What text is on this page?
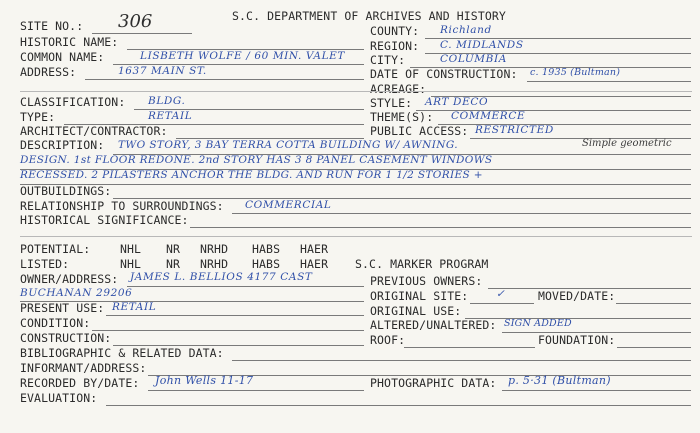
S.C. DEPARTMENT OF ARCHIVES AND HISTORY
SITE NO.: 306
HISTORIC NAME:
COMMON NAME:	LISBETH WOLFE / 60 MIN. VALET
ADDRESS:	1637 MAIN ST.
COUNTY: Richland
REGION: C. MIDLANDS
CITY:	COLUMBIA
DATE OF CONSTRUCTION: c. 1935 (Bultman)
ACREAGE:
CLASSIFICATION: BLDG.
TYPE:	RETAIL
ARCHITECT/CONTRACTOR:
STYLE: ART DECO
THEME(S): COMMERCE
PUBLIC ACCESS: RESTRICTED
DESCRIPTION: TWO STORY, 3 BAY TERRA COTTA BUILDING W/ AWNING.	Simple geometric
DESIGN. 1st FLOOR REDONE. 2nd STORY HAS 3 8 PANEL CASEMENT WINDOWS
RECESSED. 2 PILASTERS ANCHOR THE BLDG. AND RUN FOR 1 1/2 STORIES +
OUTBUILDINGS:
RELATIONSHIP TO SURROUNDINGS: COMMERCIAL
HISTORICAL SIGNIFICANCE:
POTENTIAL:	NHL NR NRHD HABS HAER
LISTED:	NHL NR NRHD HABS HAER S.C. MARKER PROGRAM
OWNER/ADDRESS: JAMES L. BELLIOS 4177 CAST
BUCHANAN 29206
PREVIOUS OWNERS:
ORIGINAL SITE:	✓	MOVED/DATE:
PRESENT USE: RETAIL	ORIGINAL USE:
CONDITION:	ALTERED/UNALTERED: SIGN ADDED
CONSTRUCTION:	ROOF:	FOUNDATION:
BIBLIOGRAPHIC & RELATED DATA:
INFORMANT/ADDRESS:
RECORDED BY/DATE: John Wells 11-17	PHOTOGRAPHIC DATA: p. 5·31 (Bultman)
EVALUATION:
